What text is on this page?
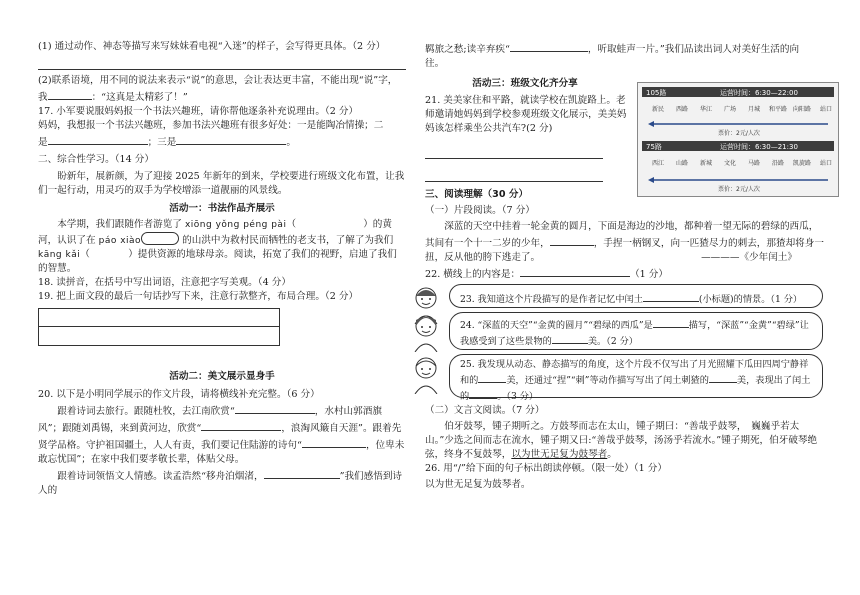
(1) 通过动作、神态等描写来写妹妹看电视“入迷”的样子，会写得更具体。（2 分）

(2)联系语境，用不同的说法来表示“说”的意思，会让表达更丰富，不能出现“说”字，

我	：“这真是太精彩了！”

17. 小军要说服妈妈报一个书法兴趣班，请你帮他逐条补充说理由。（2 分）

妈妈，我想报一个书法兴趣班，参加书法兴趣班有很多好处：一是能陶冶情操；二

是	；三是	。

二、综合性学习。（14 分）

盼新年，展新颜，为了迎接 2025 年新年的到来，学校要进行班级文化布置，让我们一起行动，用灵巧的双手为学校增添一道靓丽的风景线。

活动一：书法作品齐展示

本学期，我们跟随作者游览了 xiōng yǒng péng pài（　　　　　　　）的黄河，认识了在 páo xiào	的山洪中为救村民而牺牲的老支书，了解了为我们 kāng kǎi（　　　　）提供资源的地球母亲。阅读，拓宽了我们的视野，启迪了我们的智慧。

18. 读拼音，在括号中写出词语，注意把字写美观。（4 分）

19. 把上面文段的最后一句话抄写下来，注意行款整齐，布局合理。（2 分）

活动二：美文展示显身手

20. 以下是小明同学展示的作文片段，请将横线补充完整。（6 分）

跟着诗词去旅行。跟随杜牧，去江南欣赏“	，水村山郭酒旗风”；跟随刘禹锡，来到黄河边，欣赏“	，浪淘风簸自天涯”。跟着先贤学品格。守护祖国疆土，人人有责，我们要记住陆游的诗句“	，位卑未敢忘忧国”；在家中我们要孝敬长辈，体贴父母。

跟着诗词领悟文人情感。读孟浩然“移舟泊烟渚，	”我们感悟到诗人的

羁旅之愁;读辛弃疾“	，听取蛙声一片。”我们品读出词人对美好生活的向往。

活动三：班级文化齐分享

21. 美美家住和平路，就读学校在凯旋路上。老师邀请她妈妈到学校参观班级文化展示，美美妈妈该怎样乘坐公共汽车?(2 分)

三、阅读理解（30 分）

（一）片段阅读。（7 分）

深蓝的天空中挂着一轮金黄的圆月，下面是海边的沙地，都种着一望无际的碧绿的西瓜，其间有一个十一二岁的少年，	，手捏一柄钢叉，向一匹猹尽力的刺去，那猹却将身一扭，反从他的胯下逃走了。	————《少年闰土》

22. 横线上的内容是：	（1 分）

23. 我知道这个片段描写的是作者记忆中闰土	(小标题)的情景。（1 分）
24. “深蓝的天空”“金黄的圆月”“碧绿的西瓜”是	描写，“深蓝”“金黄”“碧绿”让我感受到了这些景物的	美。（2 分）
25. 我发现从动态、静态描写的角度，这个片段不仅写出了月光照耀下瓜田四周宁静祥和的	美，还通过“捏”“刺”等动作描写写出了闰土刺猹的	美，表现出了闰土的	。（3 分）

（二）文言文阅读。（7 分）

伯牙鼓琴，锺子期听之。方鼓琴而志在太山，锺子期曰：“善哉乎鼓琴，　巍巍乎若太山。”少选之间而志在流水，锺子期又曰:“善哉乎鼓琴，汤汤乎若流水。”锺子期死，伯牙破琴绝弦，终身不复鼓琴，以为世无足复为鼓琴者。

26. 用“/”给下面的句子标出朗读停顿。（限一处）（1 分）

以为世无足复为鼓琴者。

105路	运营时间：6:30—22:00
新民 西路 华江 广场 月城 和平路 向阳路 站口
票价：2元/人次
75路	运营时间：6:30—21:30
西江 山路 新城 文化 马路 沿路 凯旋路 站口
票价：2元/人次
